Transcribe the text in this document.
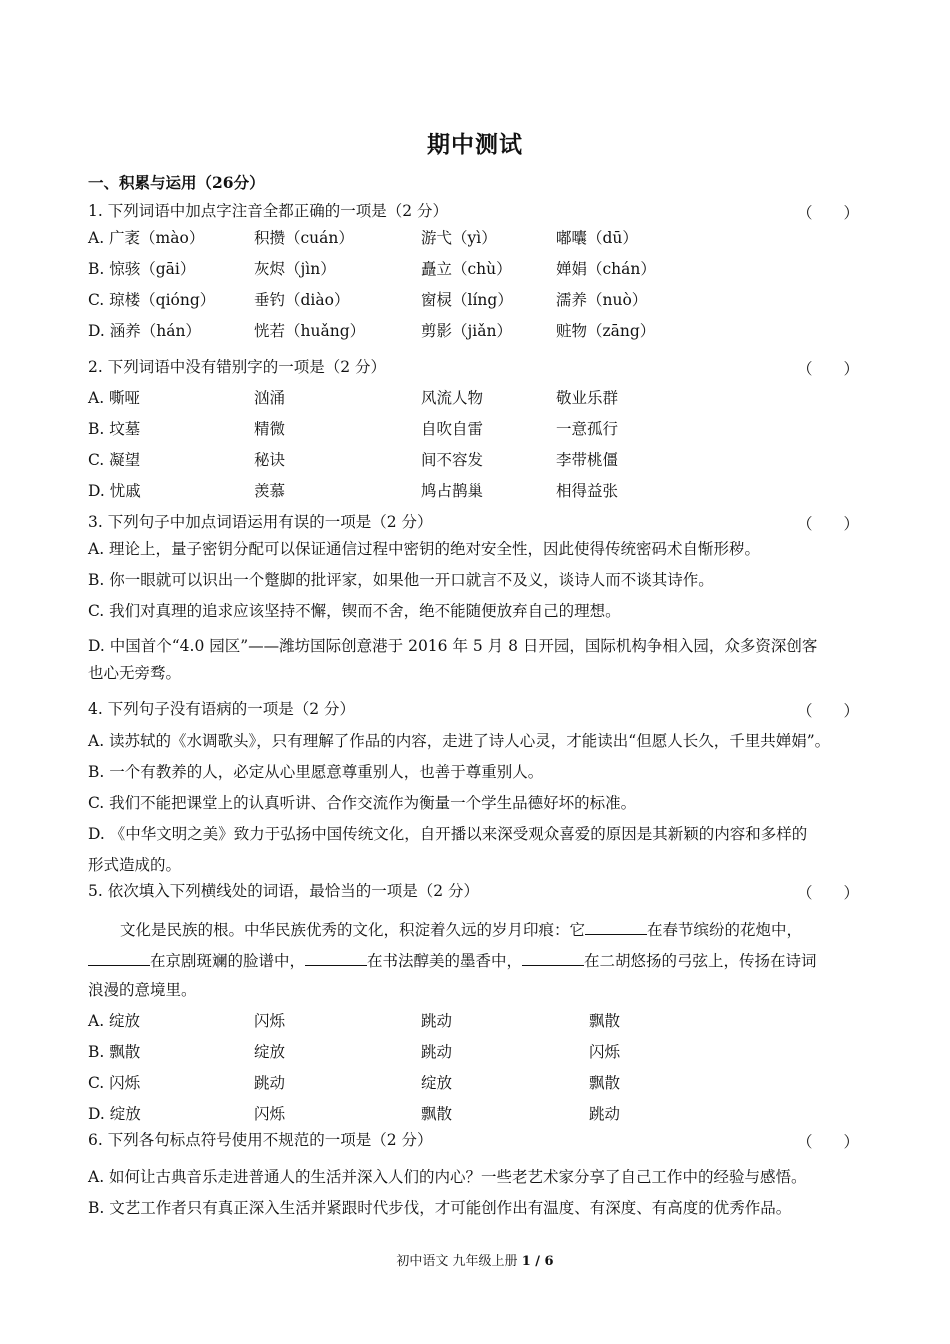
期中测试
一、积累与运用（26分）
1. 下列词语中加点字注音全都正确的一项是（2 分）	（　　）
A. 广袤（mào）	积攒（cuán）	游弋（yì）	嘟囔（dū）
B. 惊骇（gāi）	灰烬（jìn）	矗立（chù）	婵娟（chán）
C. 琼楼（qióng） 垂钓（diào）	窗棂（líng）	濡养（nuò）
D. 涵养（hán）	恍若（huǎng）	剪影（jiǎn）	赃物（zāng）
2. 下列词语中没有错别字的一项是（2 分）	（　　）
A. 嘶哑	汹涌	风流人物	敬业乐群
B. 坟墓	精微	自吹自雷	一意孤行
C. 凝望	秘诀	间不容发	李带桃僵
D. 忧戚	羡慕	鸠占鹊巢	相得益张
3. 下列句子中加点词语运用有误的一项是（2 分）	（　　）
A. 理论上，量子密钥分配可以保证通信过程中密钥的绝对安全性，因此使得传统密码术自惭形秽。
B. 你一眼就可以识出一个蹩脚的批评家，如果他一开口就言不及义，谈诗人而不谈其诗作。
C. 我们对真理的追求应该坚持不懈，锲而不舍，绝不能随便放弃自己的理想。
D. 中国首个“4.0 园区”——潍坊国际创意港于 2016 年 5 月 8 日开园，国际机构争相入园，众多资深创客
也心无旁骛。
4. 下列句子没有语病的一项是（2 分）	（　　）
A. 读苏轼的《水调歌头》，只有理解了作品的内容，走进了诗人心灵，才能读出“但愿人长久，千里共婵娟”。
B. 一个有教养的人，必定从心里愿意尊重别人，也善于尊重别人。
C. 我们不能把课堂上的认真听讲、合作交流作为衡量一个学生品德好坏的标准。
D. 《中华文明之美》致力于弘扬中国传统文化，自开播以来深受观众喜爱的原因是其新颖的内容和多样的
形式造成的。
5. 依次填入下列横线处的词语，最恰当的一项是（2 分）	（　　）
文化是民族的根。中华民族优秀的文化，积淀着久远的岁月印痕：它	在春节缤纷的花炮中，
在京剧斑斓的脸谱中，	在书法醇美的墨香中，	在二胡悠扬的弓弦上，传扬在诗词
浪漫的意境里。
A. 绽放	闪烁	跳动	飘散
B. 飘散	绽放	跳动	闪烁
C. 闪烁	跳动	绽放	飘散
D. 绽放	闪烁	飘散	跳动
6. 下列各句标点符号使用不规范的一项是（2 分）	（　　）
A. 如何让古典音乐走进普通人的生活并深入人们的内心？一些老艺术家分享了自己工作中的经验与感悟。
B. 文艺工作者只有真正深入生活并紧跟时代步伐，才可能创作出有温度、有深度、有高度的优秀作品。
初中语文 九年级上册 1 / 6
